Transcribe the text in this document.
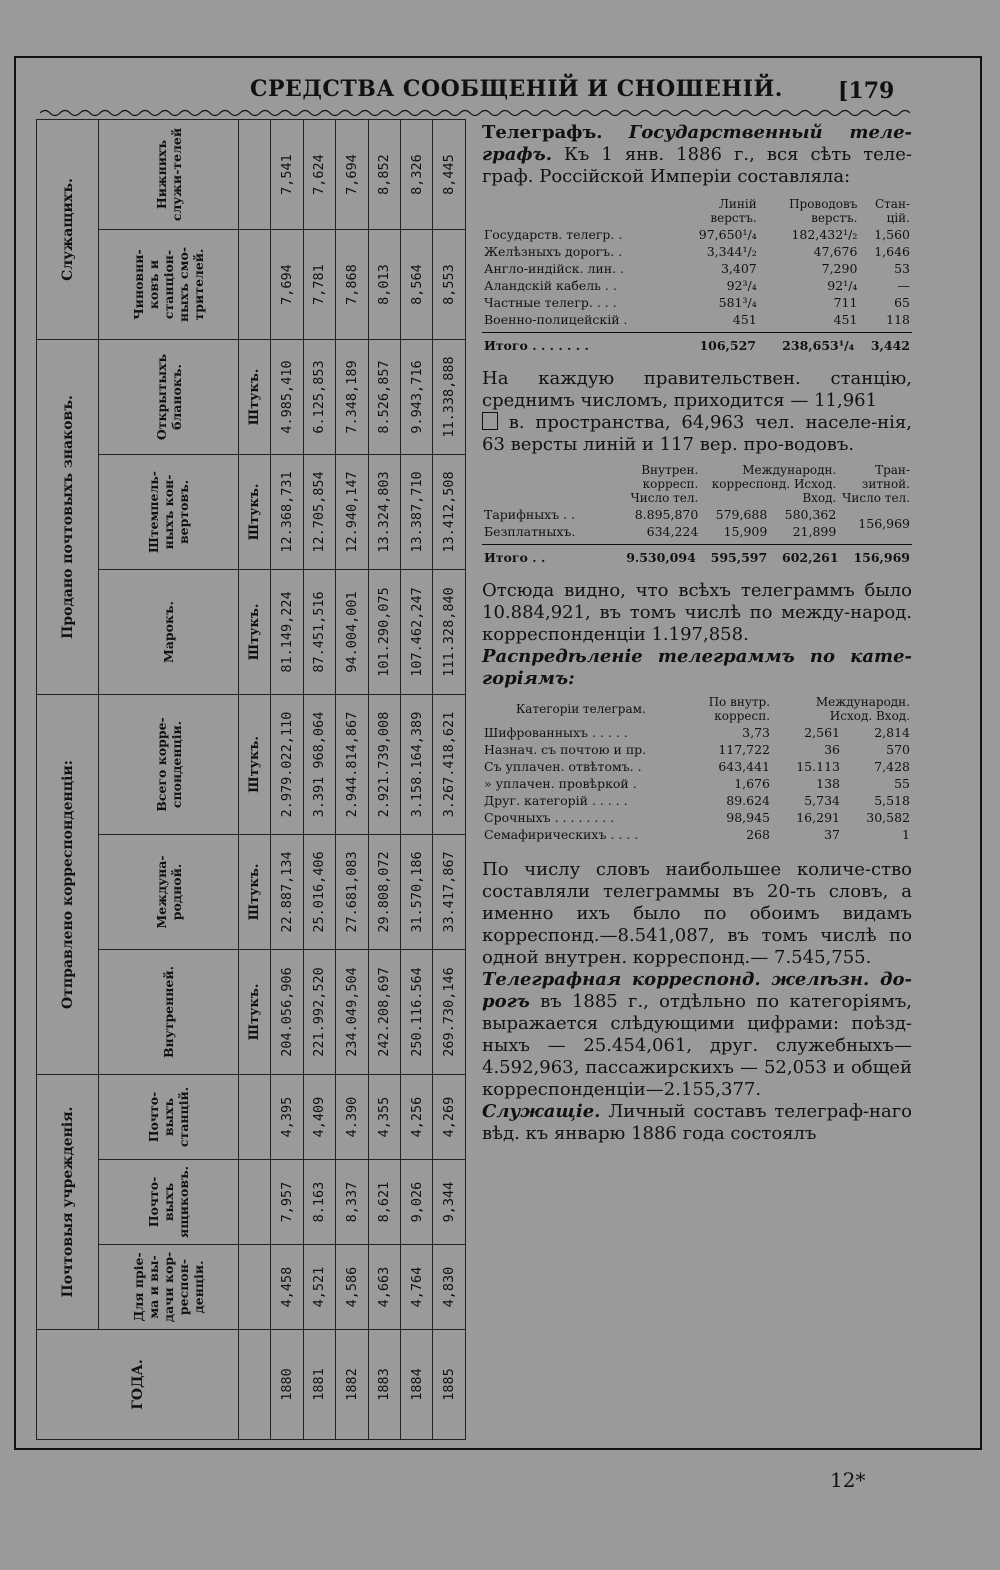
СРЕДСТВА СООБЩЕНІЙ И СНОШЕНІЙ.	[179
ГОДА.	Почтовыя учрежденія.			Отправлено корреспонденціи:			Продано почтовыхъ знаковъ.			Служащихъ.	
	Для пріе-ма и вы-дачи кор-респон-денціи.	Почто-выхъ ящиковъ.	Почто-выхъ станцій.	Внутренней.	Междуна-родной.	Всего корре-спонденціи.	Марокъ.	Штемпель-ныхъ кон-вертовъ.	Открытыхъ бланокъ.	Чиновни-ковъ и станціон-ныхъ смо-трителей.	Нижнихъ служи-телей
				Штукъ.	Штукъ.	Штукъ.	Штукъ.	Штукъ.	Штукъ.		
1880	4,458	7,957	4,395	204.056,906	22.887,134	2.979.022,110	81.149,224	12.368,731	4.985,410	7,694	7,541
1881	4,521	8.163	4,409	221.992,520	25.016,406	3.391 968,064	87.451,516	12.705,854	6.125,853	7,781	7,624
1882	4,586	8,337	4.390	234.049,504	27.681,083	2.944.814,867	94.004,001	12.940,147	7.348,189	7,868	7,694
1883	4,663	8,621	4,355	242.208,697	29.808,072	2.921.739,008	101.290,075	13.324,803	8.526,857	8,013	8,852
1884	4,764	9,026	4,256	250.116.564	31.570,186	3.158.164,389	107.462,247	13.387,710	9.943,716	8,564	8,326
1885	4,830	9,344	4,269	269.730,146	33.417,867	3.267.418,621	111.328,840	13.412,508	11.338,888	8,553	8,445

Телеграфъ. Государственный теле-графъ. Къ 1 янв. 1886 г., вся сѣть теле-граф. Россійской Имперіи составляла:

	Линій верстъ.	Проводовъ верстъ.	Стан-цій.
Государств. телегр. .	97,650¹/₄	182,432¹/₂	1,560
Желѣзныхъ дорогъ. .	3,344¹/₂	47,676	1,646
Англо-индійск. лин. .	3,407	7,290	53
Аландскій кабель . .	92³/₄	92¹/₄	—
Частные телегр. . . .	581³/₄	711	65
Военно-полицейскій .	451	451	118
Итого . . . . . . .	106,527	238,653¹/₄	3,442

На каждую правительствен. станцію, среднимъ числомъ, приходится — 11,961
в. пространства, 64,963 чел. населе-нія, 63 версты линій и 117 вер. про-водовъ.

	Внутрен. корресп. Число тел.	Международн. корреспонд. Исход. Вход.		Тран-зитной. Число тел.
Тарифныхъ . .	8.895,870	579,688	580,362	156,969
Безплатныхъ.	634,224	15,909	21,899	
Итого . .	9.530,094	595,597	602,261	156,969

Отсюда видно, что всѣхъ телеграммъ было 10.884,921, въ томъ числѣ по между-народ. корреспонденціи 1.197,858.

Распредѣленіе телеграммъ по кате-горіямъ:

Категоріи телеграм.	По внутр. корресп.	Международн. Исход. Вход.	
Шифрованныхъ . . . . .	3‚73	2,561	2,814
Назнач. съ почтою и пр.	117,722	36	570
Съ уплачен. отвѣтомъ. .	643,441	15.113	7,428
» уплачен. провѣркой .	1,676	138	55
Друг. категорій . . . . .	89.624	5,734	5,518
Срочныхъ . . . . . . . .	98,945	16,291	30,582
Семафирическихъ . . . .	268	37	1

По числу словъ наибольшее количе-ство составляли телеграммы въ 20-ть словъ, а именно ихъ было по обоимъ видамъ корреспонд.—8.541,087, въ томъ числѣ по одной внутрен. корреспонд.— 7.545,755.

Телеграфная корреспонд. желѣзн. до-рогъ въ 1885 г., отдѣльно по категоріямъ, выражается слѣдующими цифрами: поѣзд-ныхъ — 25.454,061, друг. служебныхъ— 4.592,963, пассажирскихъ — 52,053 и общей корреспонденціи—2.155,377.

Служащіе. Личный составъ телеграф-наго вѣд. къ январю 1886 года состоялъ

12*
